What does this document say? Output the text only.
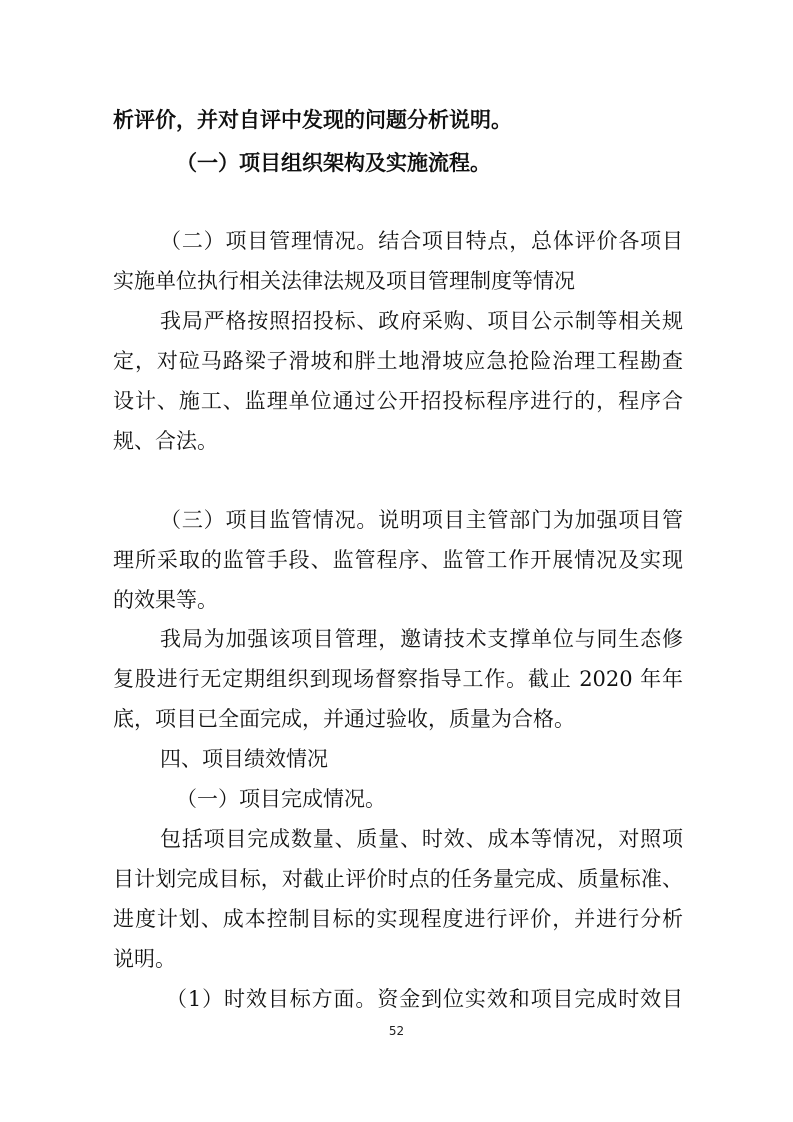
析评价，并对自评中发现的问题分析说明。
（一）项目组织架构及实施流程。
（二）项目管理情况。结合项目特点，总体评价各项目
实施单位执行相关法律法规及项目管理制度等情况
我局严格按照招投标、政府采购、项目公示制等相关规
定，对砬马路梁子滑坡和胖土地滑坡应急抢险治理工程勘查
设计、施工、监理单位通过公开招投标程序进行的，程序合
规、合法。
（三）项目监管情况。说明项目主管部门为加强项目管
理所采取的监管手段、监管程序、监管工作开展情况及实现
的效果等。
我局为加强该项目管理，邀请技术支撑单位与同生态修
复股进行无定期组织到现场督察指导工作。截止 2020 年年
底，项目已全面完成，并通过验收，质量为合格。
四、项目绩效情况
（一）项目完成情况。
包括项目完成数量、质量、时效、成本等情况，对照项
目计划完成目标，对截止评价时点的任务量完成、质量标准、
进度计划、成本控制目标的实现程度进行评价，并进行分析
说明。
（1）时效目标方面。资金到位实效和项目完成时效目
52
